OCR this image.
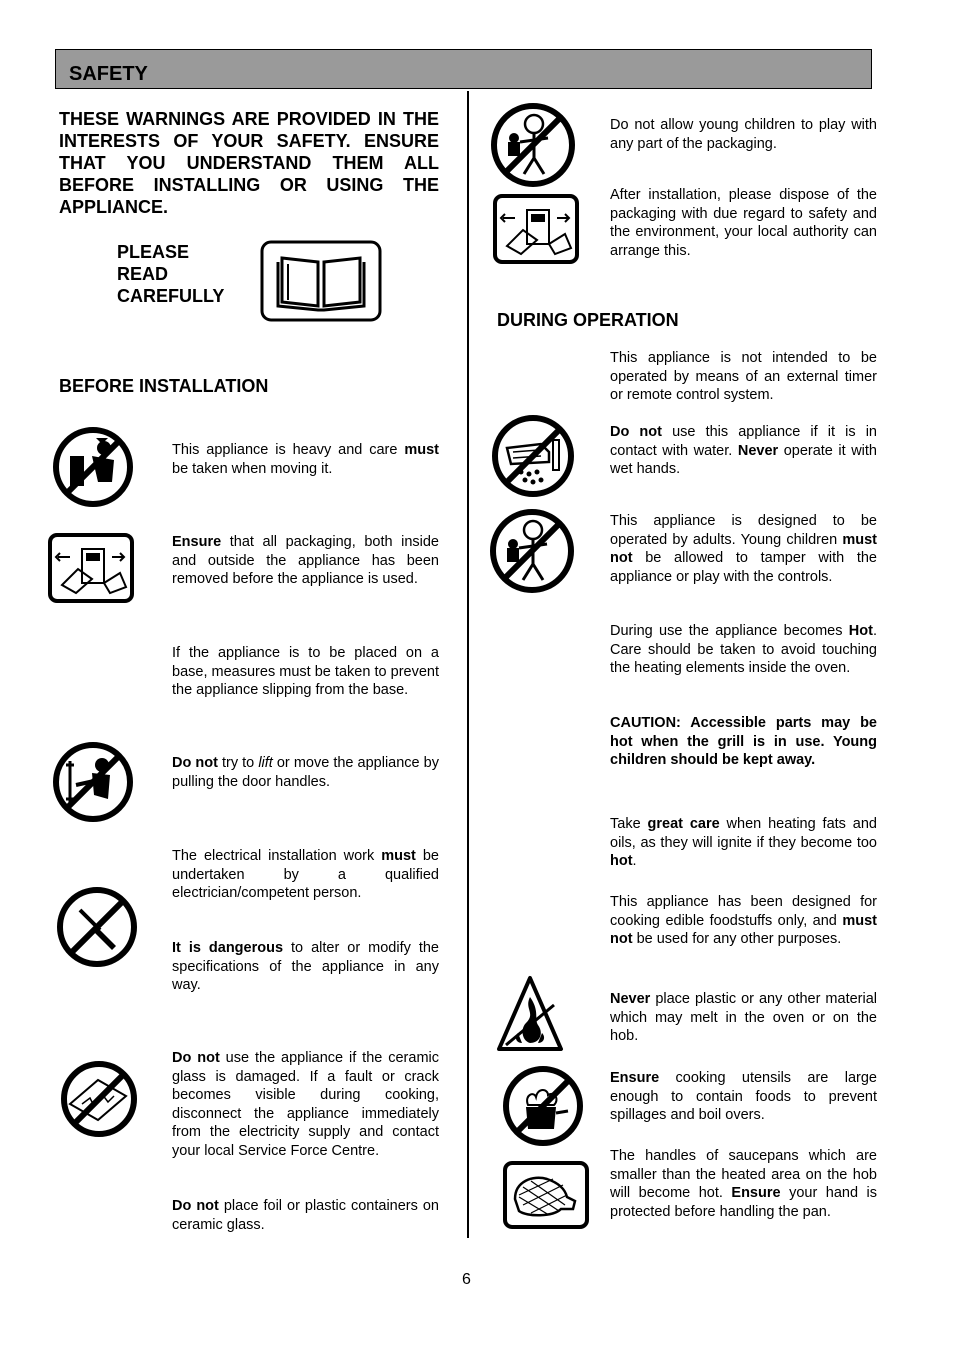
SAFETY
THESE WARNINGS ARE PROVIDED IN THE INTERESTS OF YOUR SAFETY. ENSURE THAT YOU UNDERSTAND THEM ALL BEFORE INSTALLING OR USING THE APPLIANCE.
PLEASE
READ
CAREFULLY
BEFORE INSTALLATION
This appliance is heavy and care must be taken when moving it.
Ensure that all packaging, both inside and outside the appliance has been removed before the appliance is used.
If the appliance is to be placed on a base, measures must be taken to prevent the appliance slipping from the base.
Do not try to lift or move the appliance by pulling the door handles.
The electrical installation work must be undertaken by a qualified electrician/competent person.
It is dangerous to alter or modify the specifications of the appliance in any way.
Do not use the appliance if the ceramic glass is damaged. If a fault or crack becomes visible during cooking, disconnect the appliance immediately from the electricity supply and contact your local Service Force Centre.
Do not place foil or plastic containers on ceramic glass.
Do not allow young children to play with any part of the packaging.
After installation, please dispose of the packaging with due regard to safety and the environment, your local authority can arrange this.
DURING OPERATION
This appliance is not intended to be operated by means of an external timer or remote control system.
Do not use this appliance if it is in contact with water. Never operate it with wet hands.
This appliance is designed to be operated by adults. Young children must not be allowed to tamper with the appliance or play with the controls.
During use the appliance becomes Hot. Care should be taken to avoid touching the heating elements inside the oven.
CAUTION: Accessible parts may be hot when the grill is in use. Young children should be kept away.
Take great care when heating fats and oils, as they will ignite if they become too hot.
This appliance has been designed for cooking edible foodstuffs only, and must not be used for any other purposes.
Never place plastic or any other material which may melt in the oven or on the hob.
Ensure cooking utensils are large enough to contain foods to prevent spillages and boil overs.
The handles of saucepans which are smaller than the heated area on the hob will become hot. Ensure your hand is protected before handling the pan.
6
